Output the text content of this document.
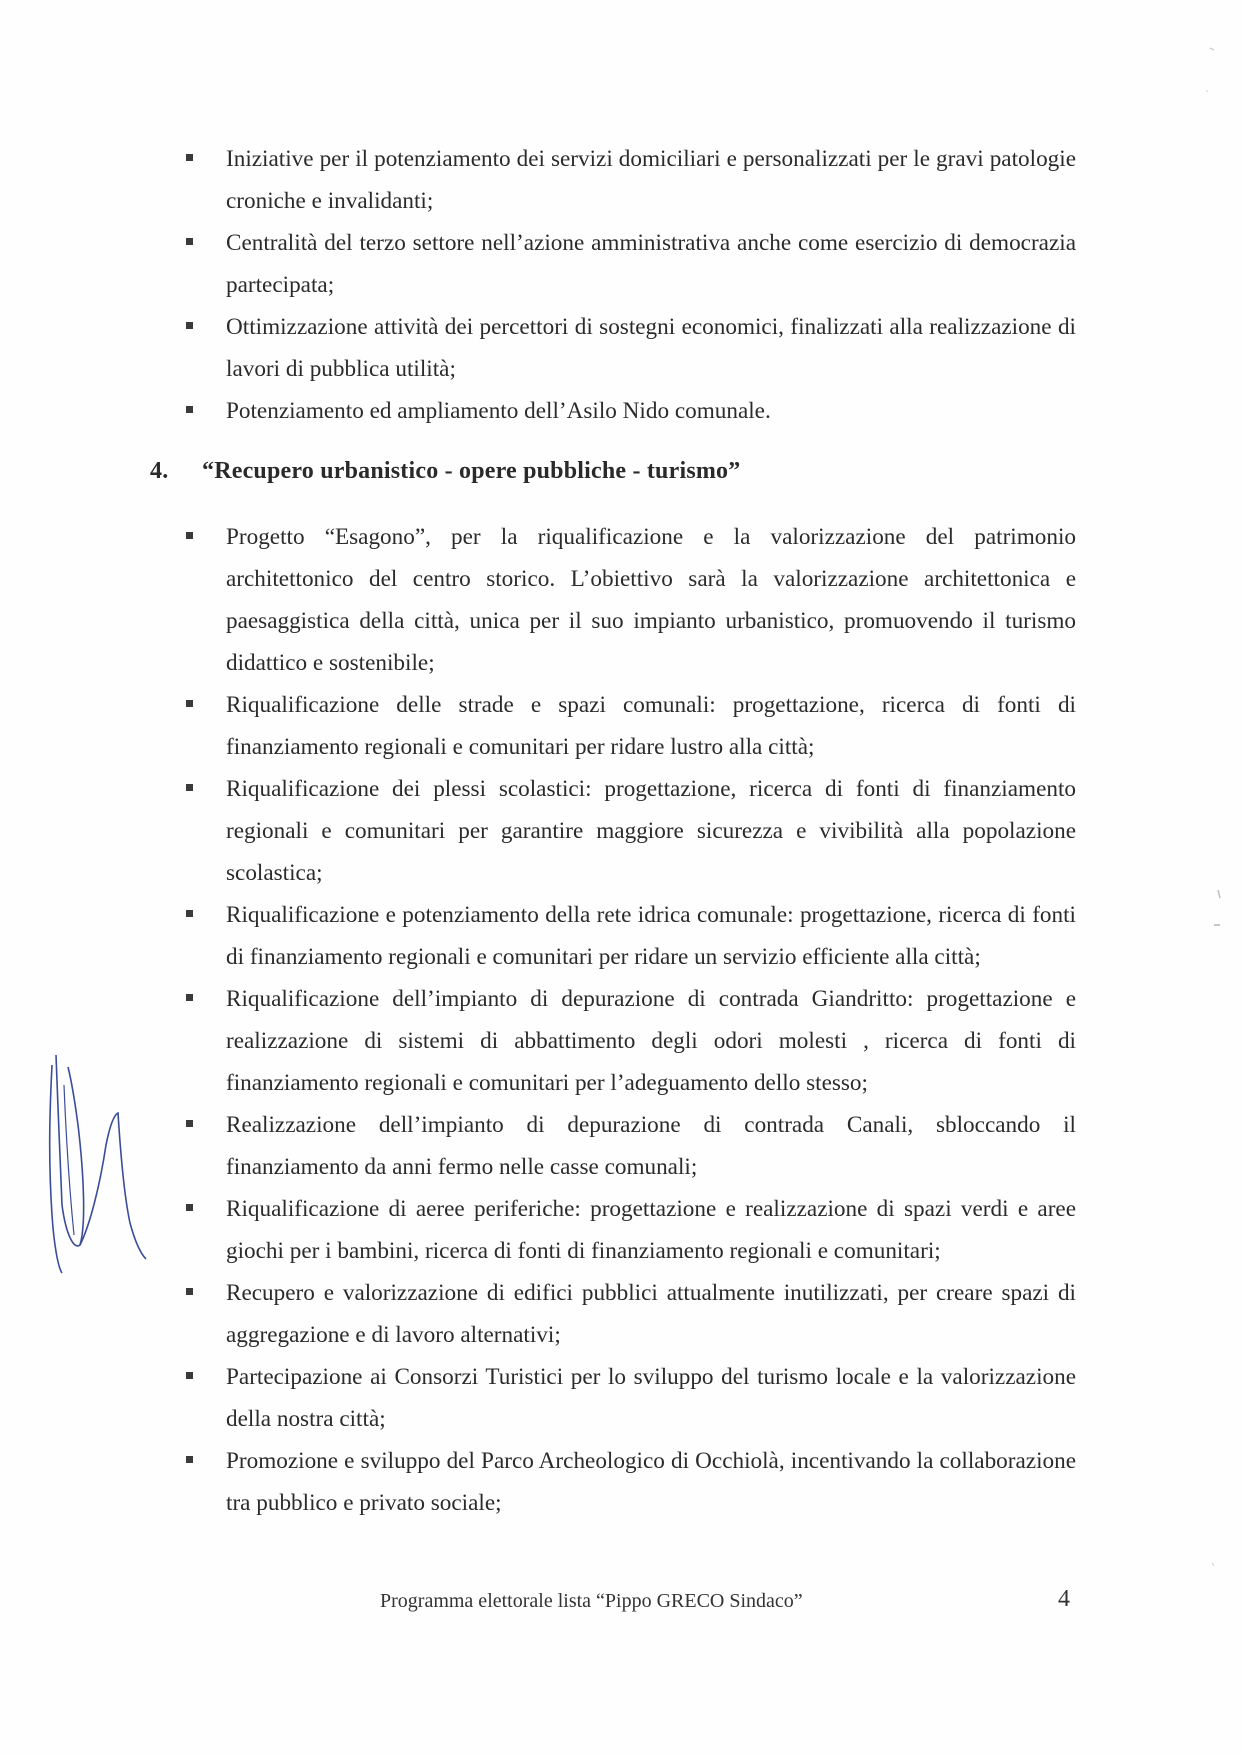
Iniziative per il potenziamento dei servizi domiciliari e personalizzati per le gravi patologie croniche e invalidanti;
Centralità del terzo settore nell’azione amministrativa anche come esercizio di democrazia partecipata;
Ottimizzazione attività dei percettori di sostegni economici, finalizzati alla realizzazione di lavori di pubblica utilità;
Potenziamento ed ampliamento dell’Asilo Nido comunale.
4. “Recupero urbanistico - opere pubbliche - turismo”
Progetto “Esagono”, per la riqualificazione e la valorizzazione del patrimonio architettonico del centro storico. L’obiettivo sarà la valorizzazione architettonica e paesaggistica della città, unica per il suo impianto urbanistico, promuovendo il turismo didattico e sostenibile;
Riqualificazione delle strade e spazi comunali: progettazione, ricerca di fonti di finanziamento regionali e comunitari per ridare lustro alla città;
Riqualificazione dei plessi scolastici: progettazione, ricerca di fonti di finanziamento regionali e comunitari per garantire maggiore sicurezza e vivibilità alla popolazione scolastica;
Riqualificazione e potenziamento della rete idrica comunale: progettazione, ricerca di fonti di finanziamento regionali e comunitari per ridare un servizio efficiente alla città;
Riqualificazione dell’impianto di depurazione di contrada Giandritto: progettazione e realizzazione di sistemi di abbattimento degli odori molesti , ricerca di fonti di finanziamento regionali e comunitari per l’adeguamento dello stesso;
Realizzazione dell’impianto di depurazione di contrada Canali, sbloccando il finanziamento da anni fermo nelle casse comunali;
Riqualificazione di aeree periferiche: progettazione e realizzazione di spazi verdi e aree giochi per i bambini, ricerca di fonti di finanziamento regionali e comunitari;
Recupero e valorizzazione di edifici pubblici attualmente inutilizzati, per creare spazi di aggregazione e di lavoro alternativi;
Partecipazione ai Consorzi Turistici per lo sviluppo del turismo locale e la valorizzazione della nostra città;
Promozione e sviluppo del Parco Archeologico di Occhiolà, incentivando la collaborazione tra pubblico e privato sociale;
Programma elettorale lista “Pippo GRECO Sindaco”	4
